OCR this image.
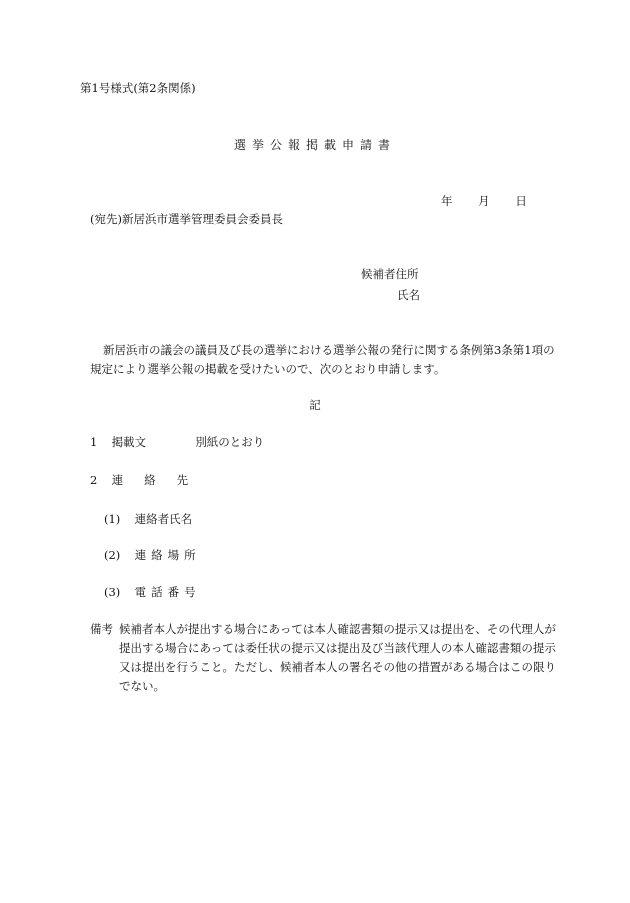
第1号様式(第2条関係)
選挙公報掲載申請書
年 月 日
(宛先)新居浜市選挙管理委員会委員長
候補者住所
氏名
新居浜市の議会の議員及び長の選挙における選挙公報の発行に関する条例第3条第1項の規定により選挙公報の掲載を受けたいので、次のとおり申請します。
記
1 掲載文	別紙のとおり
2 連絡先
(1) 連絡者氏名
(2) 連絡場所
(3) 電話番号
備考 候補者本人が提出する場合にあっては本人確認書類の提示又は提出を、その代理人が提出する場合にあっては委任状の提示又は提出及び当該代理人の本人確認書類の提示又は提出を行うこと。ただし、候補者本人の署名その他の措置がある場合はこの限りでない。
